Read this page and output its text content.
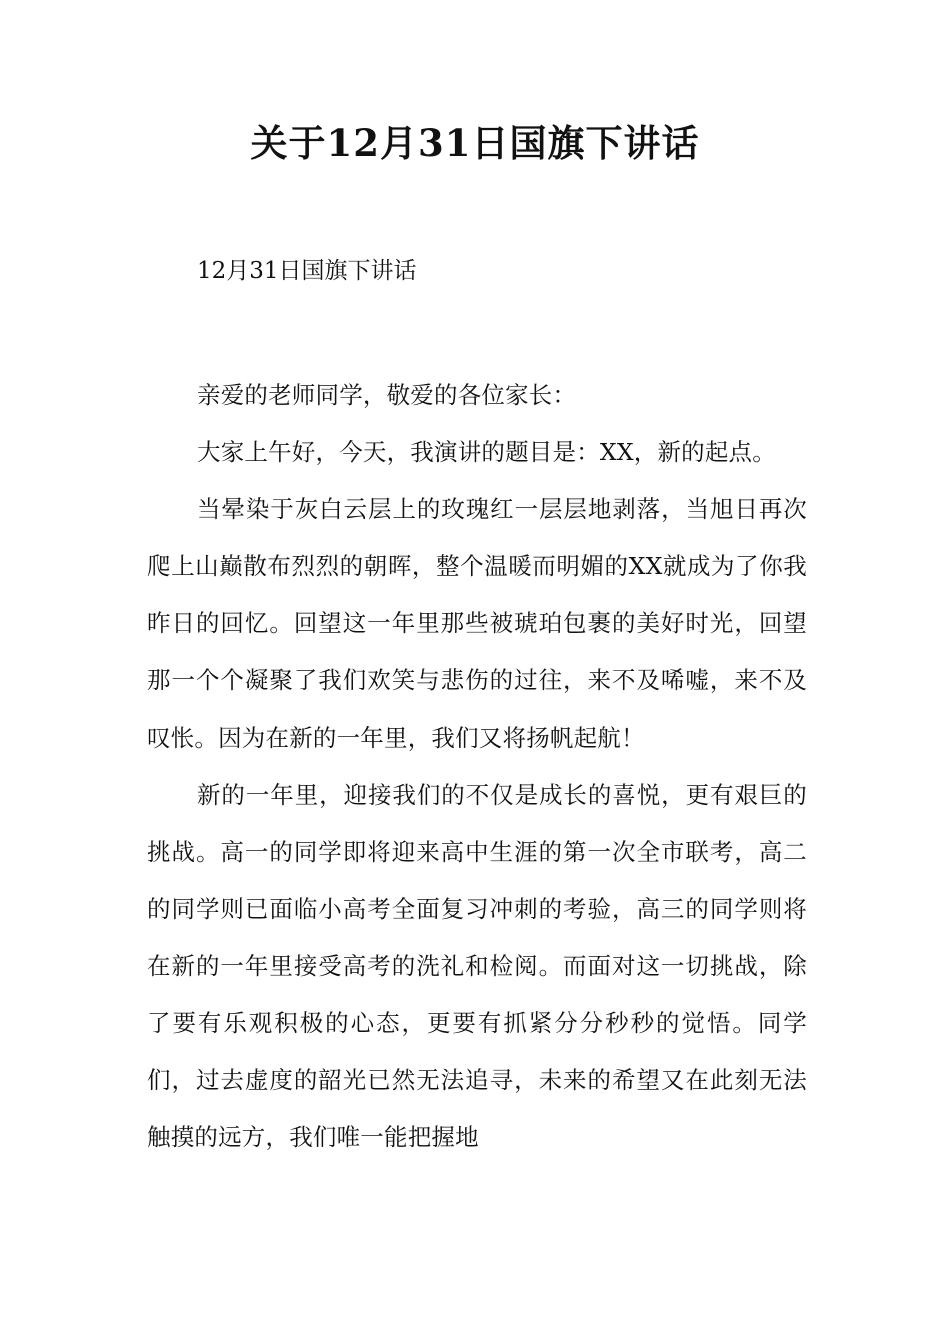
关于12月31日国旗下讲话
12月31日国旗下讲话

亲爱的老师同学，敬爱的各位家长：

大家上午好，今天，我演讲的题目是：XX，新的起点。

当晕染于灰白云层上的玫瑰红一层层地剥落，当旭日再次爬上山巅散布烈烈的朝晖，整个温暖而明媚的XX就成为了你我昨日的回忆。回望这一年里那些被琥珀包裹的美好时光，回望那一个个凝聚了我们欢笑与悲伤的过往，来不及唏嘘，来不及叹怅。因为在新的一年里，我们又将扬帆起航！

新的一年里，迎接我们的不仅是成长的喜悦，更有艰巨的挑战。高一的同学即将迎来高中生涯的第一次全市联考，高二的同学则已面临小高考全面复习冲刺的考验，高三的同学则将在新的一年里接受高考的洗礼和检阅。而面对这一切挑战，除了要有乐观积极的心态，更要有抓紧分分秒秒的觉悟。同学们，过去虚度的韶光已然无法追寻，未来的希望又在此刻无法触摸的远方，我们唯一能把握地
